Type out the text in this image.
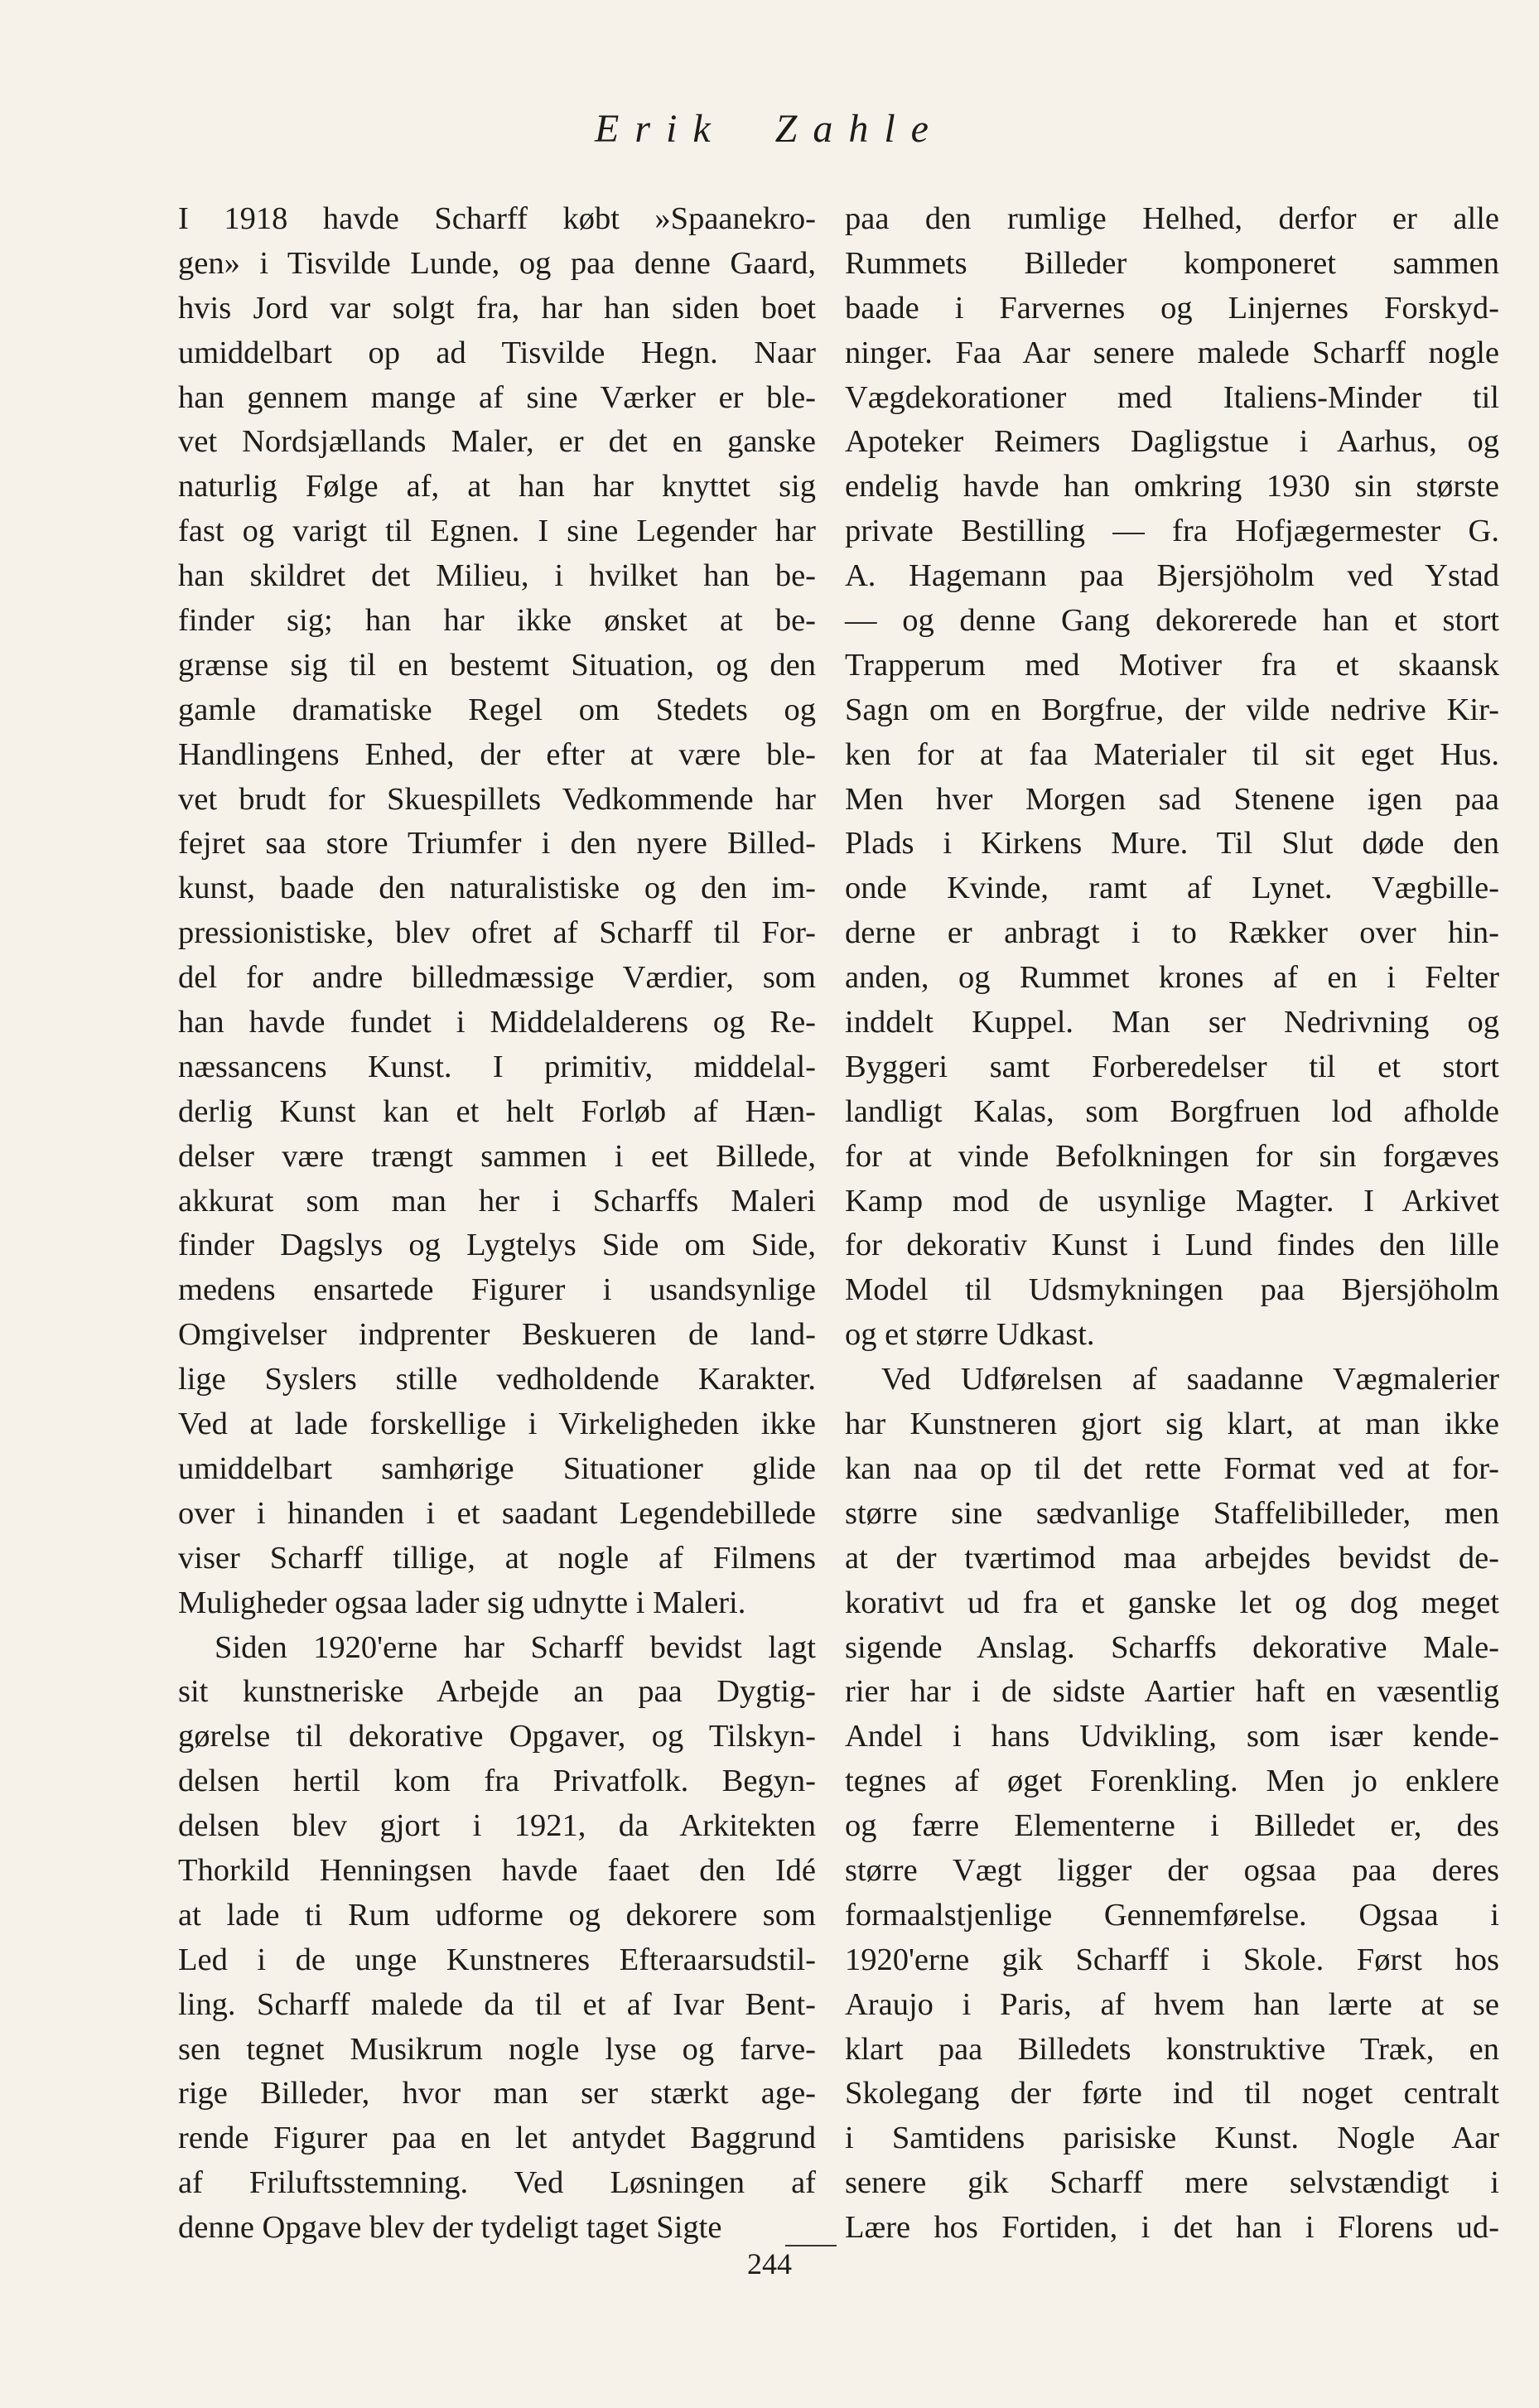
Erik Zahle
I 1918 havde Scharff købt »Spaanekro-
gen» i Tisvilde Lunde, og paa denne Gaard,
hvis Jord var solgt fra, har han siden boet
umiddelbart op ad Tisvilde Hegn. Naar
han gennem mange af sine Værker er ble-
vet Nordsjællands Maler, er det en ganske
naturlig Følge af, at han har knyttet sig
fast og varigt til Egnen. I sine Legender har
han skildret det Milieu, i hvilket han be-
finder sig; han har ikke ønsket at be-
grænse sig til en bestemt Situation, og den
gamle dramatiske Regel om Stedets og
Handlingens Enhed, der efter at være ble-
vet brudt for Skuespillets Vedkommende har
fejret saa store Triumfer i den nyere Billed-
kunst, baade den naturalistiske og den im-
pressionistiske, blev ofret af Scharff til For-
del for andre billedmæssige Værdier, som
han havde fundet i Middelalderens og Re-
næssancens Kunst. I primitiv, middelal-
derlig Kunst kan et helt Forløb af Hæn-
delser være trængt sammen i eet Billede,
akkurat som man her i Scharffs Maleri
finder Dagslys og Lygtelys Side om Side,
medens ensartede Figurer i usandsynlige
Omgivelser indprenter Beskueren de land-
lige Syslers stille vedholdende Karakter.
Ved at lade forskellige i Virkeligheden ikke
umiddelbart samhørige Situationer glide
over i hinanden i et saadant Legendebillede
viser Scharff tillige, at nogle af Filmens
Muligheder ogsaa lader sig udnytte i Maleri.
Siden 1920'erne har Scharff bevidst lagt
sit kunstneriske Arbejde an paa Dygtig-
gørelse til dekorative Opgaver, og Tilskyn-
delsen hertil kom fra Privatfolk. Begyn-
delsen blev gjort i 1921, da Arkitekten
Thorkild Henningsen havde faaet den Idé
at lade ti Rum udforme og dekorere som
Led i de unge Kunstneres Efteraarsudstil-
ling. Scharff malede da til et af Ivar Bent-
sen tegnet Musikrum nogle lyse og farve-
rige Billeder, hvor man ser stærkt age-
rende Figurer paa en let antydet Baggrund
af Friluftsstemning. Ved Løsningen af
denne Opgave blev der tydeligt taget Sigte
paa den rumlige Helhed, derfor er alle
Rummets Billeder komponeret sammen
baade i Farvernes og Linjernes Forskyd-
ninger. Faa Aar senere malede Scharff nogle
Vægdekorationer med Italiens-Minder til
Apoteker Reimers Dagligstue i Aarhus, og
endelig havde han omkring 1930 sin største
private Bestilling — fra Hofjægermester G.
A. Hagemann paa Bjersjöholm ved Ystad
— og denne Gang dekorerede han et stort
Trapperum med Motiver fra et skaansk
Sagn om en Borgfrue, der vilde nedrive Kir-
ken for at faa Materialer til sit eget Hus.
Men hver Morgen sad Stenene igen paa
Plads i Kirkens Mure. Til Slut døde den
onde Kvinde, ramt af Lynet. Vægbille-
derne er anbragt i to Rækker over hin-
anden, og Rummet krones af en i Felter
inddelt Kuppel. Man ser Nedrivning og
Byggeri samt Forberedelser til et stort
landligt Kalas, som Borgfruen lod afholde
for at vinde Befolkningen for sin forgæves
Kamp mod de usynlige Magter. I Arkivet
for dekorativ Kunst i Lund findes den lille
Model til Udsmykningen paa Bjersjöholm
og et større Udkast.
Ved Udførelsen af saadanne Vægmalerier
har Kunstneren gjort sig klart, at man ikke
kan naa op til det rette Format ved at for-
større sine sædvanlige Staffelibilleder, men
at der tværtimod maa arbejdes bevidst de-
korativt ud fra et ganske let og dog meget
sigende Anslag. Scharffs dekorative Male-
rier har i de sidste Aartier haft en væsentlig
Andel i hans Udvikling, som især kende-
tegnes af øget Forenkling. Men jo enklere
og færre Elementerne i Billedet er, des
større Vægt ligger der ogsaa paa deres
formaalstjenlige Gennemførelse. Ogsaa i
1920'erne gik Scharff i Skole. Først hos
Araujo i Paris, af hvem han lærte at se
klart paa Billedets konstruktive Træk, en
Skolegang der førte ind til noget centralt
i Samtidens parisiske Kunst. Nogle Aar
senere gik Scharff mere selvstændigt i
Lære hos Fortiden, i det han i Florens ud-
244
